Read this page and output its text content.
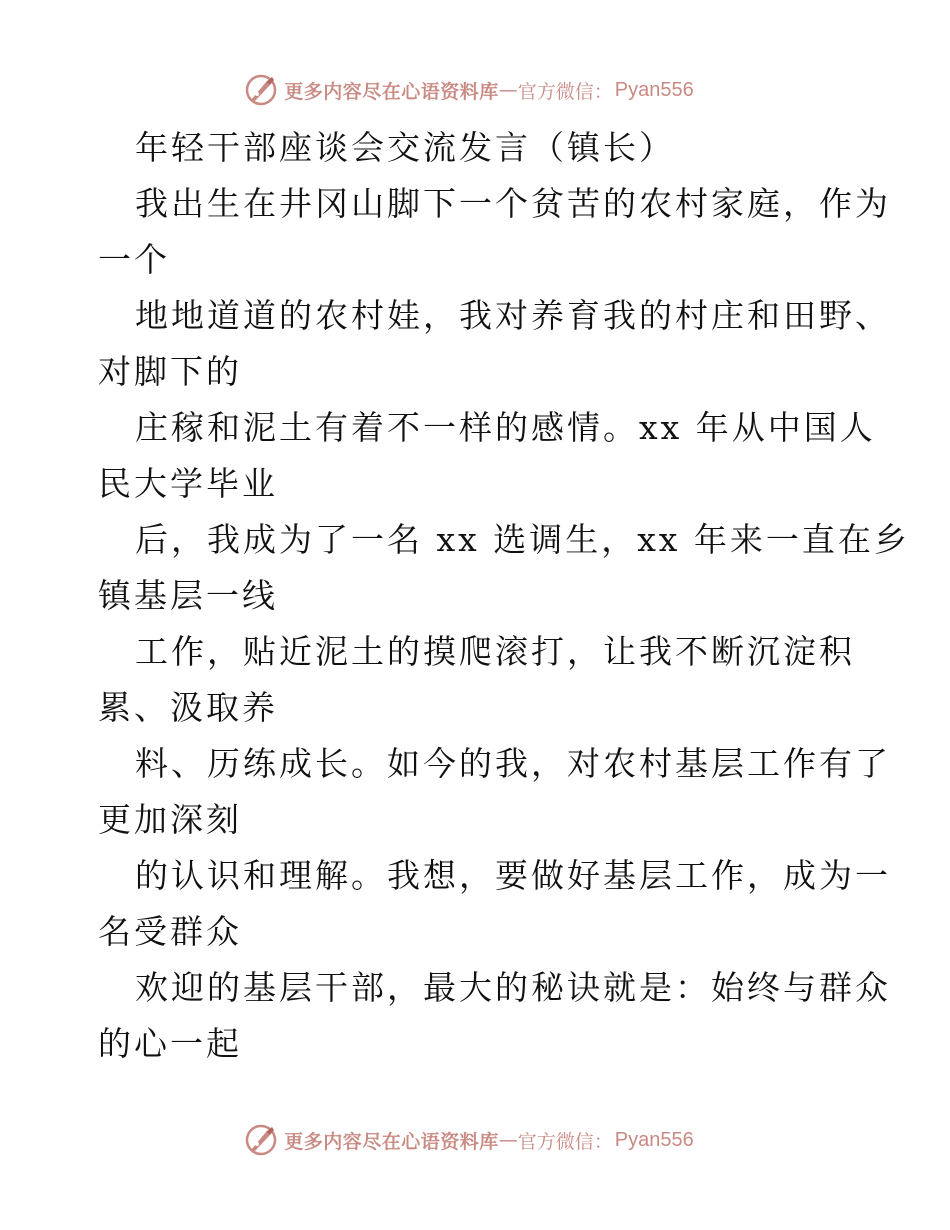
更多内容尽在心语资料库 — 官方微信： Pyan556
年轻干部座谈会交流发言（镇长）
我出生在井冈山脚下一个贫苦的农村家庭，作为
一个
地地道道的农村娃，我对养育我的村庄和田野、
对脚下的
庄稼和泥土有着不一样的感情。xx 年从中国人
民大学毕业
后，我成为了一名 xx 选调生，xx 年来一直在乡
镇基层一线
工作，贴近泥土的摸爬滚打，让我不断沉淀积
累、汲取养
料、历练成长。如今的我，对农村基层工作有了
更加深刻
的认识和理解。我想，要做好基层工作，成为一
名受群众
欢迎的基层干部，最大的秘诀就是：始终与群众
的心一起
更多内容尽在心语资料库 — 官方微信： Pyan556
